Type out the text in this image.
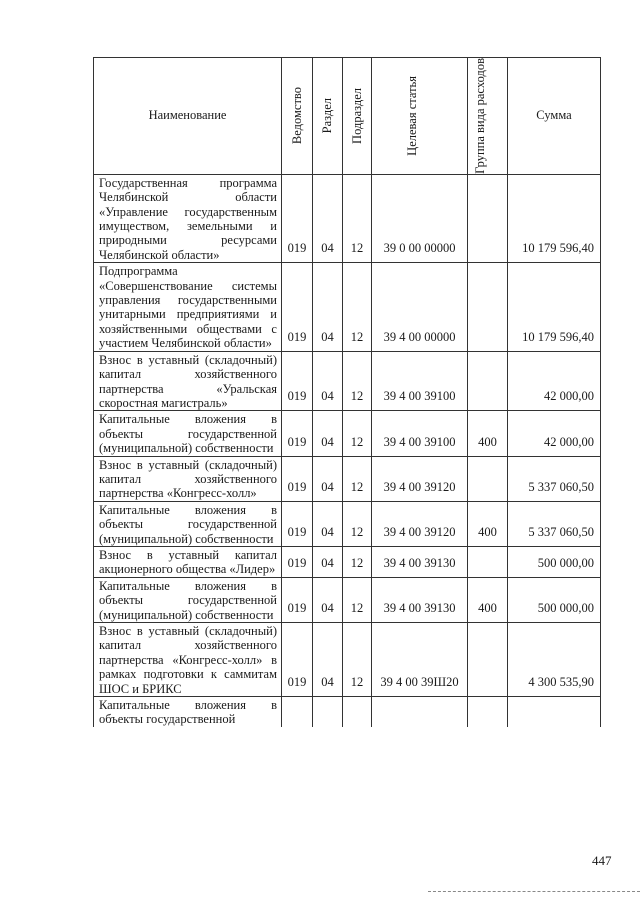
Наименование	Ведомство	Раздел	Подраздел	Целевая статья	Группа вида расходов	Сумма
Государственная программа Челябинской области «Управление государственным имуществом, земельными и природными ресурсами Челябинской области»	019	04	12	39 0 00 00000		10 179 596,40
Подпрограмма «Совершенствование системы управления государственными унитарными предприятиями и хозяйственными обществами с участием Челябинской области»	019	04	12	39 4 00 00000		10 179 596,40
Взнос в уставный (складочный) капитал хозяйственного партнерства «Уральская скоростная магистраль»	019	04	12	39 4 00 39100		42 000,00
Капитальные вложения в объекты государственной (муниципальной) собственности	019	04	12	39 4 00 39100	400	42 000,00
Взнос в уставный (складочный) капитал хозяйственного партнерства «Конгресс-холл»	019	04	12	39 4 00 39120		5 337 060,50
Капитальные вложения в объекты государственной (муниципальной) собственности	019	04	12	39 4 00 39120	400	5 337 060,50
Взнос в уставный капитал акционерного общества «Лидер»	019	04	12	39 4 00 39130		500 000,00
Капитальные вложения в объекты государственной (муниципальной) собственности	019	04	12	39 4 00 39130	400	500 000,00
Взнос в уставный (складочный) капитал хозяйственного партнерства «Конгресс-холл» в рамках подготовки к саммитам ШОС и БРИКС	019	04	12	39 4 00 39Ш20		4 300 535,90
Капитальные вложения в объекты государственной						
447
